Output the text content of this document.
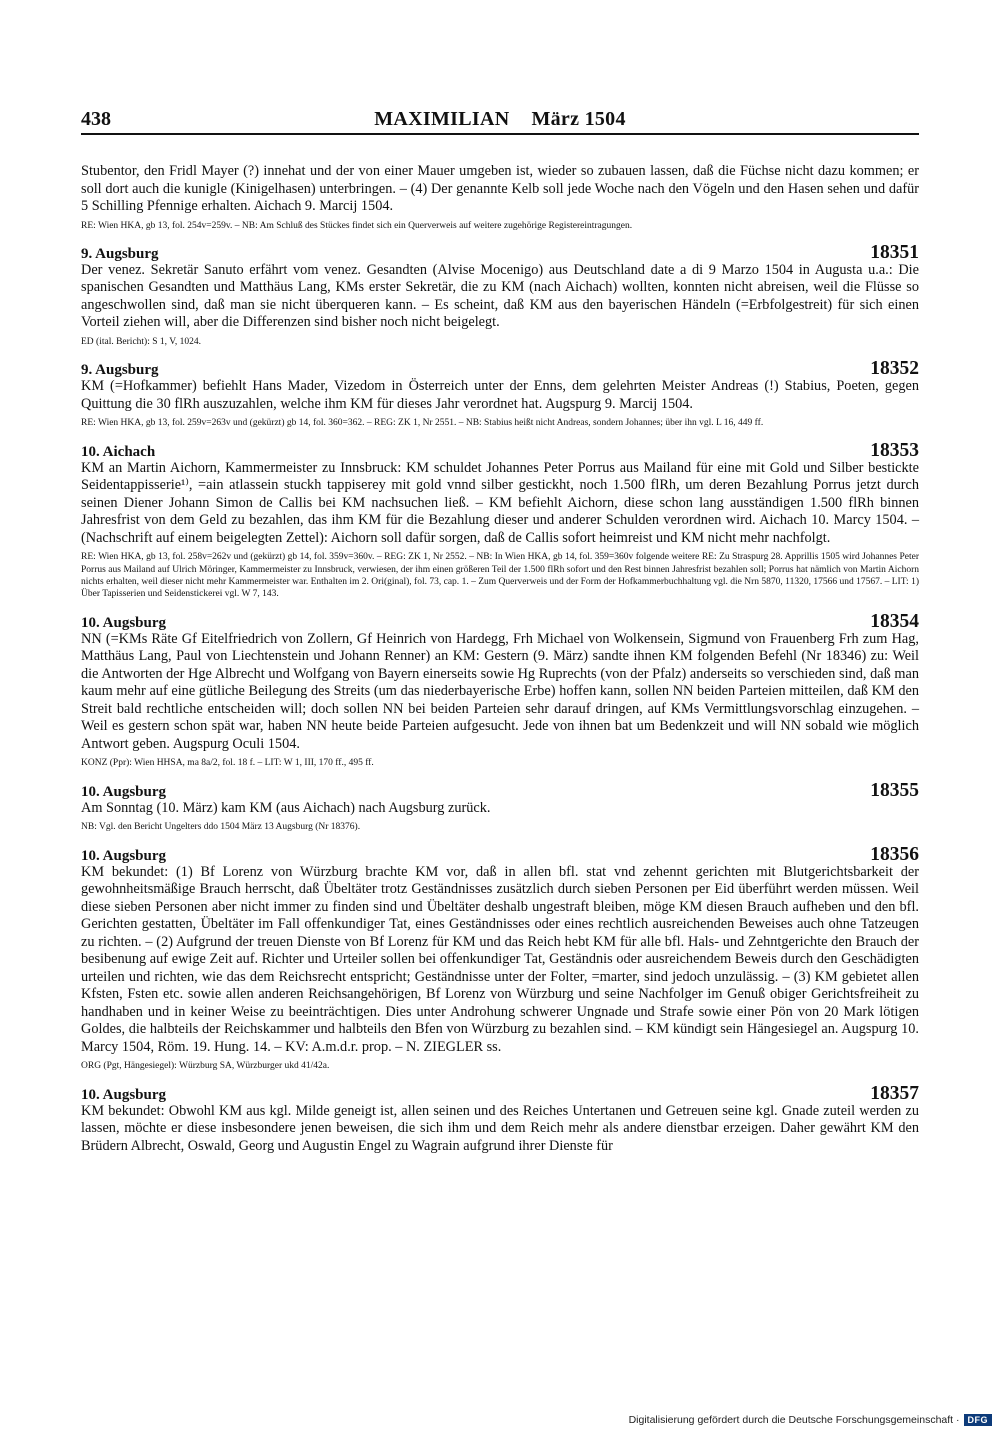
438	MAXIMILIAN März 1504

Stubentor, den Fridl Mayer (?) innehat und der von einer Mauer umgeben ist, wieder so zubauen lassen, daß die Füchse nicht dazu kommen; er soll dort auch die kunigle (Kinigelhasen) unterbringen. – (4) Der genannte Kelb soll jede Woche nach den Vögeln und den Hasen sehen und dafür 5 Schilling Pfennige erhalten. Aichach 9. Marcij 1504.

RE: Wien HKA, gb 13, fol. 254v=259v. – NB: Am Schluß des Stückes findet sich ein Querverweis auf weitere zugehörige Registereintragungen.

9. Augsburg	18351

Der venez. Sekretär Sanuto erfährt vom venez. Gesandten (Alvise Mocenigo) aus Deutschland date a di 9 Marzo 1504 in Augusta u.a.: Die spanischen Gesandten und Matthäus Lang, KMs erster Sekretär, die zu KM (nach Aichach) wollten, konnten nicht abreisen, weil die Flüsse so angeschwollen sind, daß man sie nicht überqueren kann. – Es scheint, daß KM aus den bayerischen Händeln (=Erbfolgestreit) für sich einen Vorteil ziehen will, aber die Differenzen sind bisher noch nicht beigelegt.

ED (ital. Bericht): S 1, V, 1024.

9. Augsburg	18352

KM (=Hofkammer) befiehlt Hans Mader, Vizedom in Österreich unter der Enns, dem gelehrten Meister Andreas (!) Stabius, Poeten, gegen Quittung die 30 flRh auszuzahlen, welche ihm KM für dieses Jahr verordnet hat. Augspurg 9. Marcij 1504.

RE: Wien HKA, gb 13, fol. 259v=263v und (gekürzt) gb 14, fol. 360=362. – REG: ZK 1, Nr 2551. – NB: Stabius heißt nicht Andreas, sondern Johannes; über ihn vgl. L 16, 449 ff.

10. Aichach	18353

KM an Martin Aichorn, Kammermeister zu Innsbruck: KM schuldet Johannes Peter Porrus aus Mailand für eine mit Gold und Silber bestickte Seidentappisserie¹⁾, =ain atlassein stuckh tappiserey mit gold vnnd silber gestickht, noch 1.500 flRh, um deren Bezahlung Porrus jetzt durch seinen Diener Johann Simon de Callis bei KM nachsuchen ließ. – KM befiehlt Aichorn, diese schon lang ausständigen 1.500 flRh binnen Jahresfrist von dem Geld zu bezahlen, das ihm KM für die Bezahlung dieser und anderer Schulden verordnen wird. Aichach 10. Marcy 1504. – (Nachschrift auf einem beigelegten Zettel): Aichorn soll dafür sorgen, daß de Callis sofort heimreist und KM nicht mehr nachfolgt.

RE: Wien HKA, gb 13, fol. 258v=262v und (gekürzt) gb 14, fol. 359v=360v. – REG: ZK 1, Nr 2552. – NB: In Wien HKA, gb 14, fol. 359=360v folgende weitere RE: Zu Straspurg 28. Apprillis 1505 wird Johannes Peter Porrus aus Mailand auf Ulrich Möringer, Kammermeister zu Innsbruck, verwiesen, der ihm einen größeren Teil der 1.500 flRh sofort und den Rest binnen Jahresfrist bezahlen soll; Porrus hat nämlich von Martin Aichorn nichts erhalten, weil dieser nicht mehr Kammermeister war. Enthalten im 2. Ori(ginal), fol. 73, cap. 1. – Zum Querverweis und der Form der Hofkammerbuchhaltung vgl. die Nrn 5870, 11320, 17566 und 17567. – LIT: 1) Über Tapisserien und Seidenstickerei vgl. W 7, 143.

10. Augsburg	18354

NN (=KMs Räte Gf Eitelfriedrich von Zollern, Gf Heinrich von Hardegg, Frh Michael von Wolkensein, Sigmund von Frauenberg Frh zum Hag, Matthäus Lang, Paul von Liechtenstein und Johann Renner) an KM: Gestern (9. März) sandte ihnen KM folgenden Befehl (Nr 18346) zu: Weil die Antworten der Hge Albrecht und Wolfgang von Bayern einerseits sowie Hg Ruprechts (von der Pfalz) anderseits so verschieden sind, daß man kaum mehr auf eine gütliche Beilegung des Streits (um das niederbayerische Erbe) hoffen kann, sollen NN beiden Parteien mitteilen, daß KM den Streit bald rechtliche entscheiden will; doch sollen NN bei beiden Parteien sehr darauf dringen, auf KMs Vermittlungsvorschlag einzugehen. – Weil es gestern schon spät war, haben NN heute beide Parteien aufgesucht. Jede von ihnen bat um Bedenkzeit und will NN sobald wie möglich Antwort geben. Augspurg Oculi 1504.

KONZ (Ppr): Wien HHSA, ma 8a/2, fol. 18 f. – LIT: W 1, III, 170 ff., 495 ff.

10. Augsburg	18355

Am Sonntag (10. März) kam KM (aus Aichach) nach Augsburg zurück.

NB: Vgl. den Bericht Ungelters ddo 1504 März 13 Augsburg (Nr 18376).

10. Augsburg	18356

KM bekundet: (1) Bf Lorenz von Würzburg brachte KM vor, daß in allen bfl. stat vnd zehennt gerichten mit Blutgerichtsbarkeit der gewohnheitsmäßige Brauch herrscht, daß Übeltäter trotz Geständnisses zusätzlich durch sieben Personen per Eid überführt werden müssen. Weil diese sieben Personen aber nicht immer zu finden sind und Übeltäter deshalb ungestraft bleiben, möge KM diesen Brauch aufheben und den bfl. Gerichten gestatten, Übeltäter im Fall offenkundiger Tat, eines Geständnisses oder eines rechtlich ausreichenden Beweises auch ohne Tatzeugen zu richten. – (2) Aufgrund der treuen Dienste von Bf Lorenz für KM und das Reich hebt KM für alle bfl. Hals- und Zehntgerichte den Brauch der besibenung auf ewige Zeit auf. Richter und Urteiler sollen bei offenkundiger Tat, Geständnis oder ausreichendem Beweis durch den Geschädigten urteilen und richten, wie das dem Reichsrecht entspricht; Geständnisse unter der Folter, =marter, sind jedoch unzulässig. – (3) KM gebietet allen Kfsten, Fsten etc. sowie allen anderen Reichsangehörigen, Bf Lorenz von Würzburg und seine Nachfolger im Genuß obiger Gerichtsfreiheit zu handhaben und in keiner Weise zu beeinträchtigen. Dies unter Androhung schwerer Ungnade und Strafe sowie einer Pön von 20 Mark lötigen Goldes, die halbteils der Reichskammer und halbteils den Bfen von Würzburg zu bezahlen sind. – KM kündigt sein Hängesiegel an. Augspurg 10. Marcy 1504, Röm. 19. Hung. 14. – KV: A.m.d.r. prop. – N. ZIEGLER ss.

ORG (Pgt, Hängesiegel): Würzburg SA, Würzburger ukd 41/42a.

10. Augsburg	18357

KM bekundet: Obwohl KM aus kgl. Milde geneigt ist, allen seinen und des Reiches Untertanen und Getreuen seine kgl. Gnade zuteil werden zu lassen, möchte er diese insbesondere jenen beweisen, die sich ihm und dem Reich mehr als andere dienstbar erzeigen. Daher gewährt KM den Brüdern Albrecht, Oswald, Georg und Augustin Engel zu Wagrain aufgrund ihrer Dienste für

Digitalisierung gefördert durch die Deutsche Forschungsgemeinschaft · DFG
